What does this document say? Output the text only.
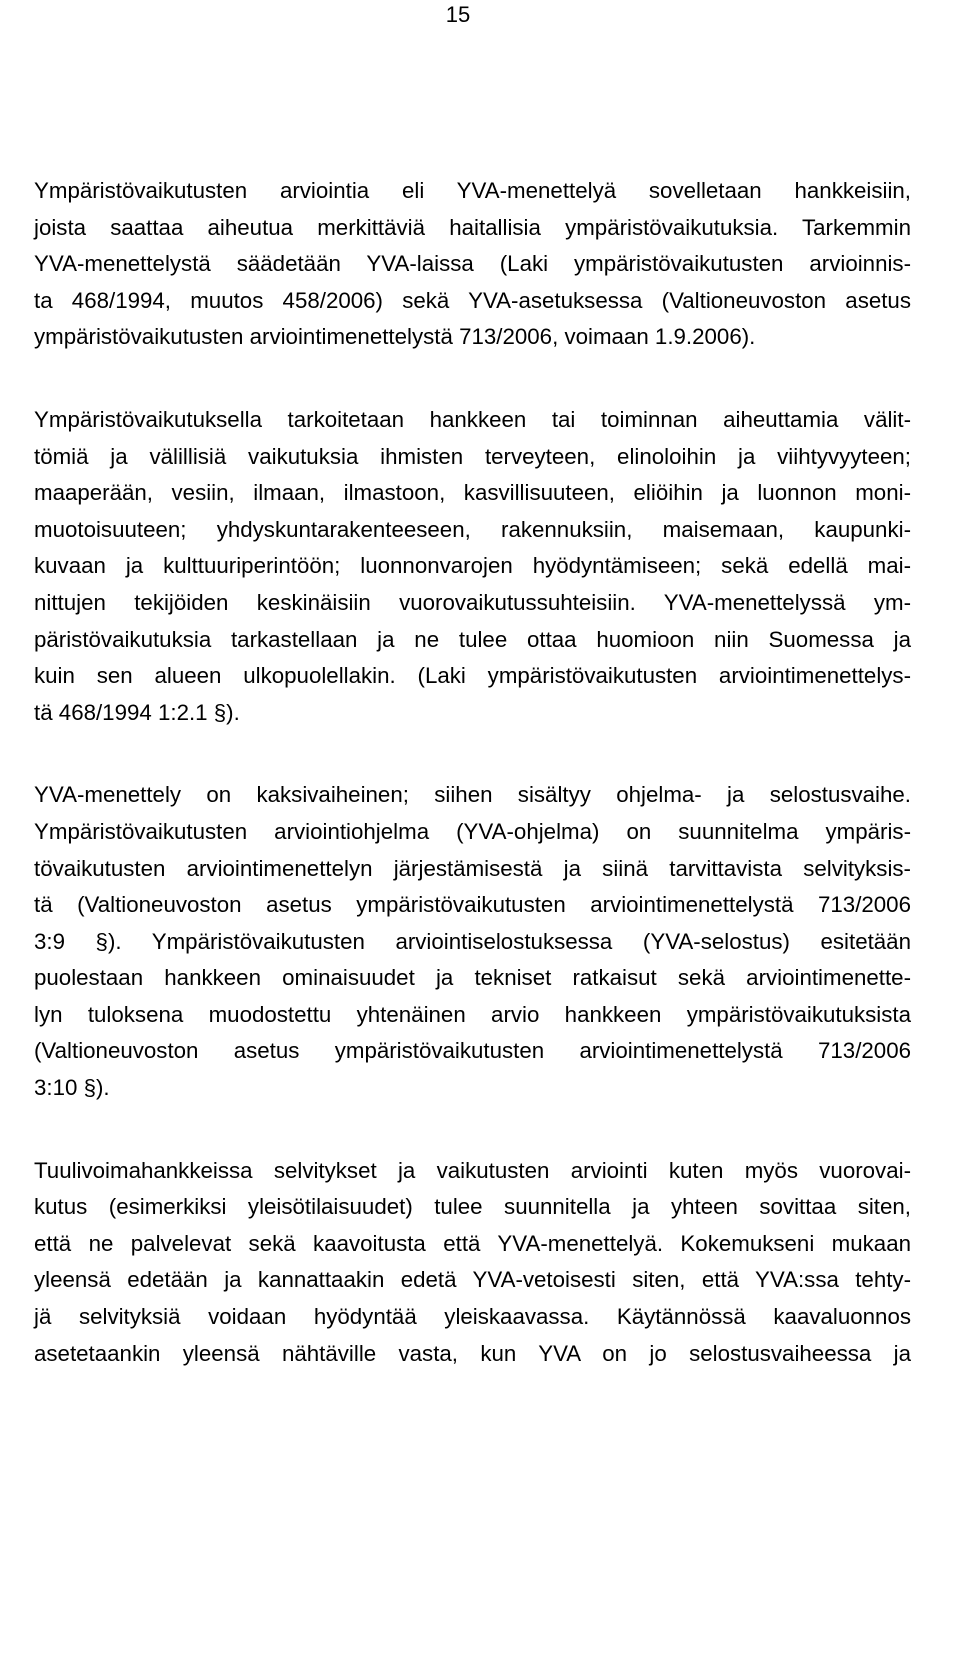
15

Ympäristövaikutusten arviointia eli YVA-menettelyä sovelletaan hankkeisiin,
joista saattaa aiheutua merkittäviä haitallisia ympäristövaikutuksia. Tarkemmin
YVA-menettelystä säädetään YVA-laissa (Laki ympäristövaikutusten arvioinnis-
ta 468/1994, muutos 458/2006) sekä YVA-asetuksessa (Valtioneuvoston asetus
ympäristövaikutusten arviointimenettelystä 713/2006, voimaan 1.9.2006).

Ympäristövaikutuksella tarkoitetaan hankkeen tai toiminnan aiheuttamia välit-
tömiä ja välillisiä vaikutuksia ihmisten terveyteen, elinoloihin ja viihtyvyyteen;
maaperään, vesiin, ilmaan, ilmastoon, kasvillisuuteen, eliöihin ja luonnon moni-
muotoisuuteen; yhdyskuntarakenteeseen, rakennuksiin, maisemaan, kaupunki-
kuvaan ja kulttuuriperintöön; luonnonvarojen hyödyntämiseen; sekä edellä mai-
nittujen tekijöiden keskinäisiin vuorovaikutussuhteisiin. YVA-menettelyssä ym-
päristövaikutuksia tarkastellaan ja ne tulee ottaa huomioon niin Suomessa ja
kuin sen alueen ulkopuolellakin. (Laki ympäristövaikutusten arviointimenettelys-
tä 468/1994 1:2.1 §).

YVA-menettely on kaksivaiheinen; siihen sisältyy ohjelma- ja selostusvaihe.
Ympäristövaikutusten arviointiohjelma (YVA-ohjelma) on suunnitelma ympäris-
tövaikutusten arviointimenettelyn järjestämisestä ja siinä tarvittavista selvityksis-
tä (Valtioneuvoston asetus ympäristövaikutusten arviointimenettelystä 713/2006
3:9 §). Ympäristövaikutusten arviointiselostuksessa (YVA-selostus) esitetään
puolestaan hankkeen ominaisuudet ja tekniset ratkaisut sekä arviointimenette-
lyn tuloksena muodostettu yhtenäinen arvio hankkeen ympäristövaikutuksista
(Valtioneuvoston asetus ympäristövaikutusten arviointimenettelystä 713/2006
3:10 §).

Tuulivoimahankkeissa selvitykset ja vaikutusten arviointi kuten myös vuorovai-
kutus (esimerkiksi yleisötilaisuudet) tulee suunnitella ja yhteen sovittaa siten,
että ne palvelevat sekä kaavoitusta että YVA-menettelyä. Kokemukseni mukaan
yleensä edetään ja kannattaakin edetä YVA-vetoisesti siten, että YVA:ssa tehty-
jä selvityksiä voidaan hyödyntää yleiskaavassa. Käytännössä kaavaluonnos
asetetaankin yleensä nähtäville vasta, kun YVA on jo selostusvaiheessa ja
